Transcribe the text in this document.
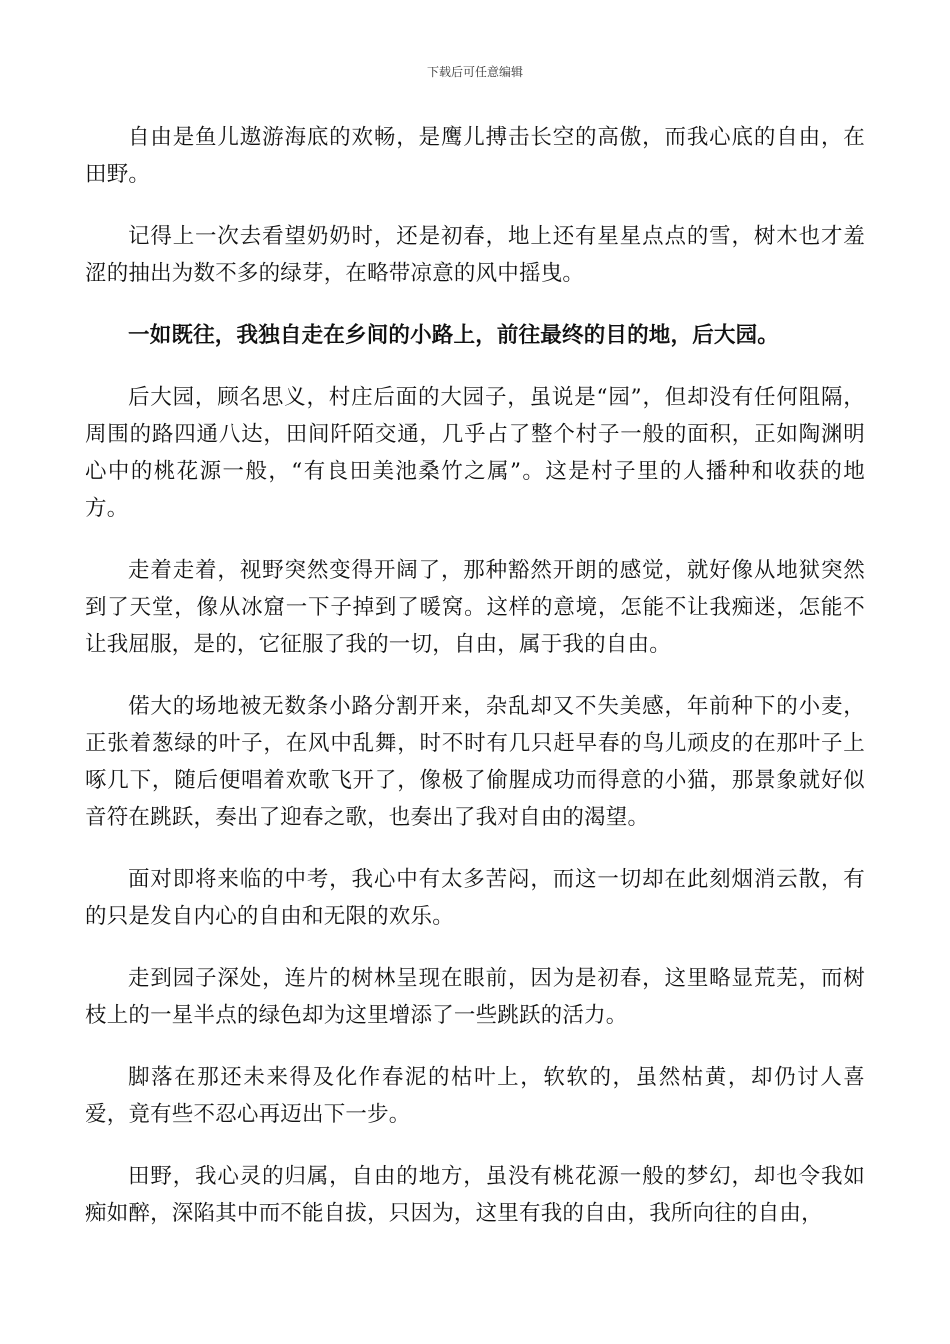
下载后可任意编辑

自由是鱼儿遨游海底的欢畅，是鹰儿搏击长空的高傲，而我心底的自由，在田野。

记得上一次去看望奶奶时，还是初春，地上还有星星点点的雪，树木也才羞涩的抽出为数不多的绿芽，在略带凉意的风中摇曳。

一如既往，我独自走在乡间的小路上，前往最终的目的地，后大园。

后大园，顾名思义，村庄后面的大园子，虽说是“园”，但却没有任何阻隔，周围的路四通八达，田间阡陌交通，几乎占了整个村子一般的面积，正如陶渊明心中的桃花源一般，“有良田美池桑竹之属”。这是村子里的人播种和收获的地方。

走着走着，视野突然变得开阔了，那种豁然开朗的感觉，就好像从地狱突然到了天堂，像从冰窟一下子掉到了暖窝。这样的意境，怎能不让我痴迷，怎能不让我屈服，是的，它征服了我的一切，自由，属于我的自由。

偌大的场地被无数条小路分割开来，杂乱却又不失美感，年前种下的小麦，正张着葱绿的叶子，在风中乱舞，时不时有几只赶早春的鸟儿顽皮的在那叶子上啄几下，随后便唱着欢歌飞开了，像极了偷腥成功而得意的小猫，那景象就好似音符在跳跃，奏出了迎春之歌，也奏出了我对自由的渴望。

面对即将来临的中考，我心中有太多苦闷，而这一切却在此刻烟消云散，有的只是发自内心的自由和无限的欢乐。

走到园子深处，连片的树林呈现在眼前，因为是初春，这里略显荒芜，而树枝上的一星半点的绿色却为这里增添了一些跳跃的活力。

脚落在那还未来得及化作春泥的枯叶上，软软的，虽然枯黄，却仍讨人喜爱，竟有些不忍心再迈出下一步。

田野，我心灵的归属，自由的地方，虽没有桃花源一般的梦幻，却也令我如痴如醉，深陷其中而不能自拔，只因为，这里有我的自由，我所向往的自由，
